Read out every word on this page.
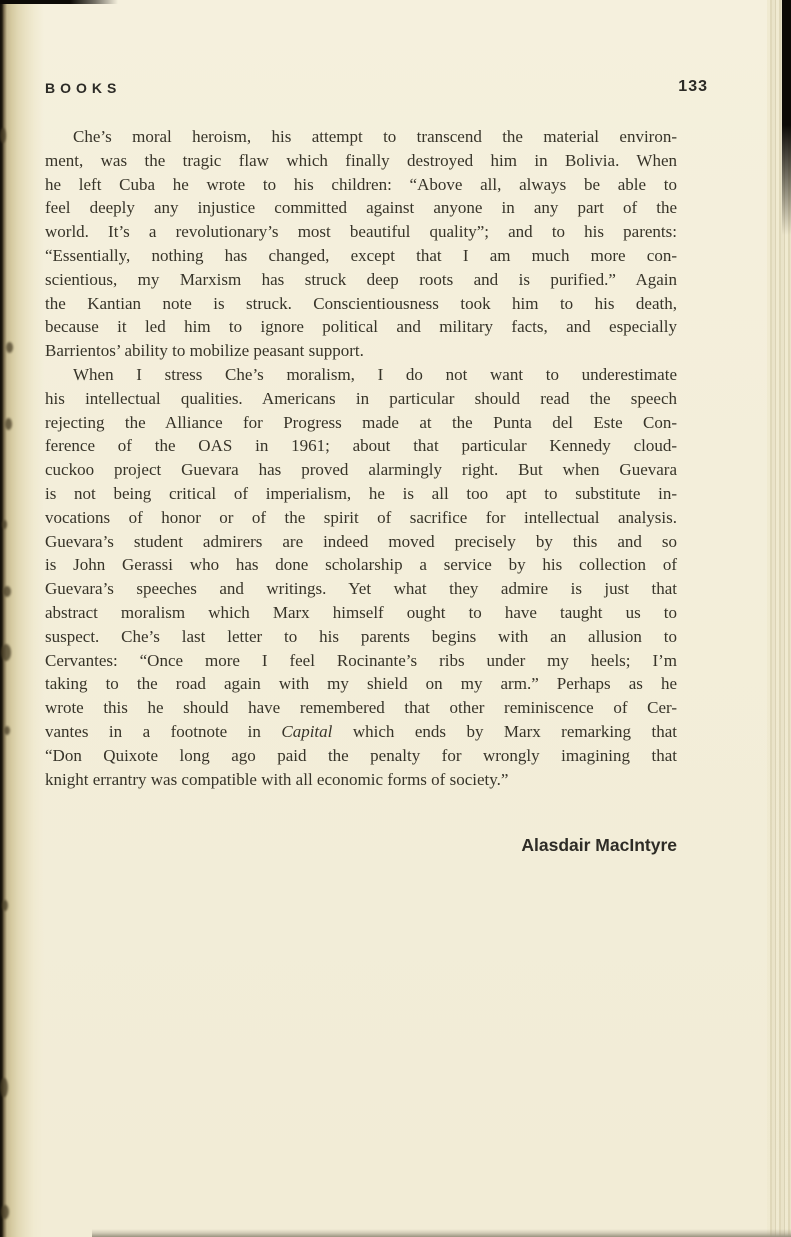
BOOKS	133
Che’s moral heroism, his attempt to transcend the material environ-
ment, was the tragic flaw which finally destroyed him in Bolivia. When
he left Cuba he wrote to his children: “Above all, always be able to
feel deeply any injustice committed against anyone in any part of the
world. It’s a revolutionary’s most beautiful quality”; and to his parents:
“Essentially, nothing has changed, except that I am much more con-
scientious, my Marxism has struck deep roots and is purified.” Again
the Kantian note is struck. Conscientiousness took him to his death,
because it led him to ignore political and military facts, and especially
Barrientos’ ability to mobilize peasant support.
When I stress Che’s moralism, I do not want to underestimate
his intellectual qualities. Americans in particular should read the speech
rejecting the Alliance for Progress made at the Punta del Este Con-
ference of the OAS in 1961; about that particular Kennedy cloud-
cuckoo project Guevara has proved alarmingly right. But when Guevara
is not being critical of imperialism, he is all too apt to substitute in-
vocations of honor or of the spirit of sacrifice for intellectual analysis.
Guevara’s student admirers are indeed moved precisely by this and so
is John Gerassi who has done scholarship a service by his collection of
Guevara’s speeches and writings. Yet what they admire is just that
abstract moralism which Marx himself ought to have taught us to
suspect. Che’s last letter to his parents begins with an allusion to
Cervantes: “Once more I feel Rocinante’s ribs under my heels; I’m
taking to the road again with my shield on my arm.” Perhaps as he
wrote this he should have remembered that other reminiscence of Cer-
vantes in a footnote in Capital which ends by Marx remarking that
“Don Quixote long ago paid the penalty for wrongly imagining that
knight errantry was compatible with all economic forms of society.”
Alasdair MacIntyre
